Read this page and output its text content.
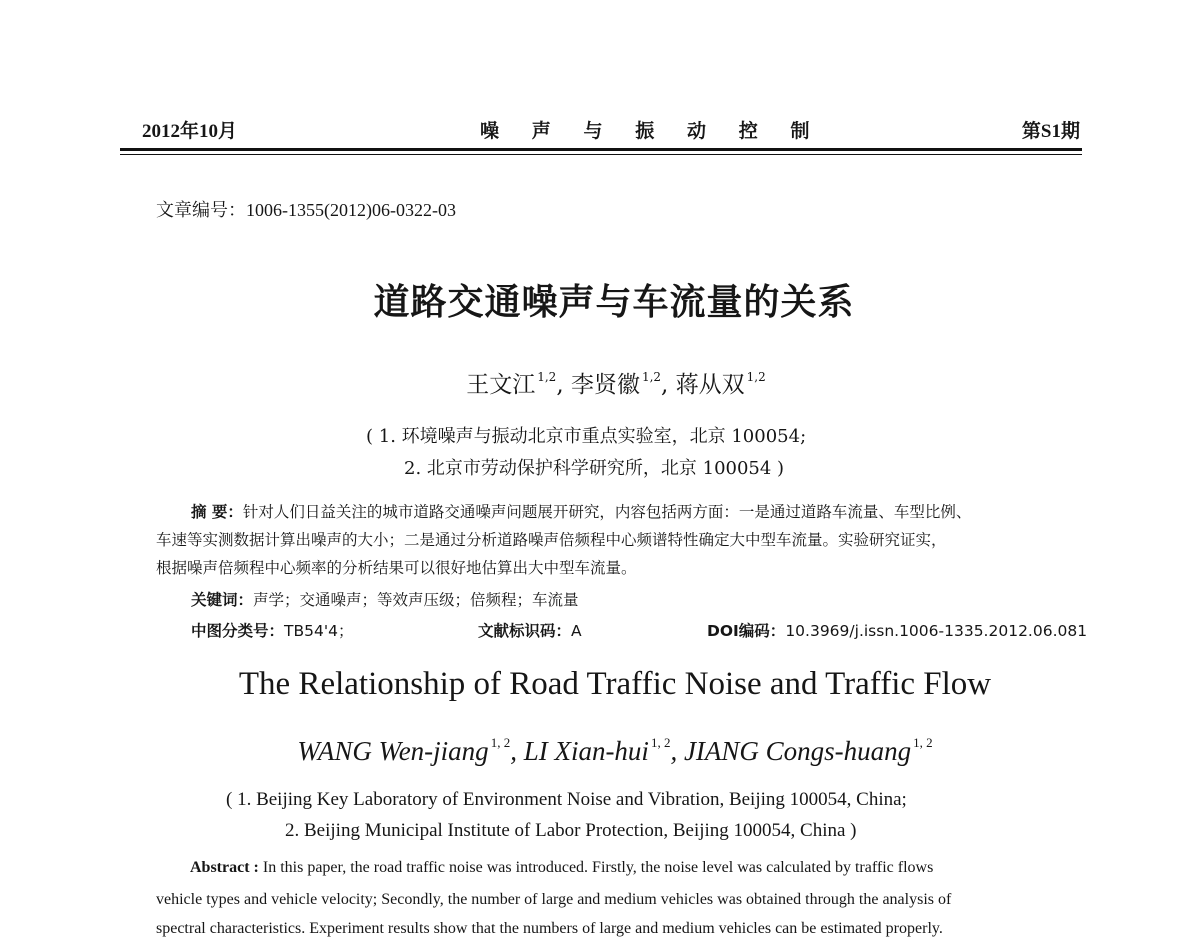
2012年10月	噪 声 与 振 动 控 制	第S1期
文章编号：1006-1355(2012)06-0322-03
道路交通噪声与车流量的关系
王文江 $^{1,2}$, 李贤徽 $^{1,2}$, 蒋从双 $^{1,2}$
( 1. 环境噪声与振动北京市重点实验室，北京 100054;
2. 北京市劳动保护科学研究所，北京 100054 )
摘 要：针对人们日益关注的城市道路交通噪声问题展开研究，内容包括两方面：一是通过道路车流量、车型比例、
车速等实测数据计算出噪声的大小；二是通过分析道路噪声倍频程中心频谱特性确定大中型车流量。实验研究证实，
根据噪声倍频程中心频率的分析结果可以很好地估算出大中型车流量。
关键词：声学；交通噪声；等效声压级；倍频程；车流量
中图分类号：TB54'4；	文献标识码：A	DOI编码：10.3969/j.issn.1006-1335.2012.06.081
The Relationship of Road Traffic Noise and Traffic Flow
WANG Wen-jiang $^{1, 2}$, LI Xian-hui $^{1, 2}$, JIANG Congs-huang $^{1, 2}$
( 1. Beijing Key Laboratory of Environment Noise and Vibration, Beijing 100054, China;
2. Beijing Municipal Institute of Labor Protection, Beijing 100054, China )
Abstract : In this paper, the road traffic noise was introduced. Firstly, the noise level was calculated by traffic flows
vehicle types and vehicle velocity; Secondly, the number of large and medium vehicles was obtained through the analysis of
spectral characteristics. Experiment results show that the numbers of large and medium vehicles can be estimated properly.
